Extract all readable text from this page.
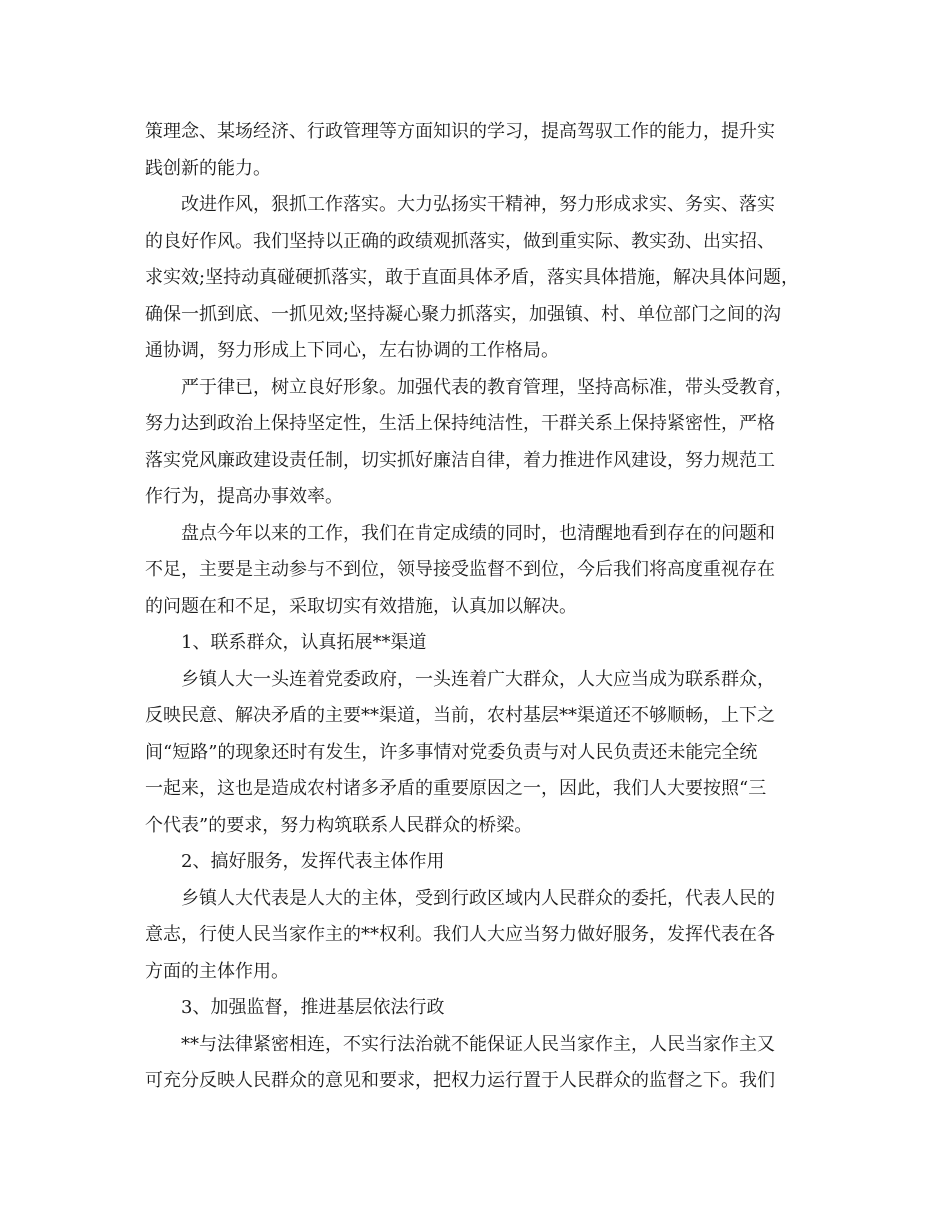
策理念、某场经济、行政管理等方面知识的学习，提高驾驭工作的能力，提升实
践创新的能力。
改进作风，狠抓工作落实。大力弘扬实干精神，努力形成求实、务实、落实
的良好作风。我们坚持以正确的政绩观抓落实，做到重实际、教实劲、出实招、
求实效;坚持动真碰硬抓落实，敢于直面具体矛盾，落实具体措施，解决具体问题，
确保一抓到底、一抓见效;坚持凝心聚力抓落实，加强镇、村、单位部门之间的沟
通协调，努力形成上下同心，左右协调的工作格局。
严于律已，树立良好形象。加强代表的教育管理，坚持高标准，带头受教育，
努力达到政治上保持坚定性，生活上保持纯洁性，干群关系上保持紧密性，严格
落实党风廉政建设责任制，切实抓好廉洁自律，着力推进作风建设，努力规范工
作行为，提高办事效率。
盘点今年以来的工作，我们在肯定成绩的同时，也清醒地看到存在的问题和
不足，主要是主动参与不到位，领导接受监督不到位，今后我们将高度重视存在
的问题在和不足，采取切实有效措施，认真加以解决。
1、联系群众，认真拓展**渠道
乡镇人大一头连着党委政府，一头连着广大群众，人大应当成为联系群众，
反映民意、解决矛盾的主要**渠道，当前，农村基层**渠道还不够顺畅，上下之
间“短路”的现象还时有发生，许多事情对党委负责与对人民负责还未能完全统
一起来，这也是造成农村诸多矛盾的重要原因之一，因此，我们人大要按照“三
个代表”的要求，努力构筑联系人民群众的桥梁。
2、搞好服务，发挥代表主体作用
乡镇人大代表是人大的主体，受到行政区域内人民群众的委托，代表人民的
意志，行使人民当家作主的**权利。我们人大应当努力做好服务，发挥代表在各
方面的主体作用。
3、加强监督，推进基层依法行政
**与法律紧密相连，不实行法治就不能保证人民当家作主，人民当家作主又
可充分反映人民群众的意见和要求，把权力运行置于人民群众的监督之下。我们
